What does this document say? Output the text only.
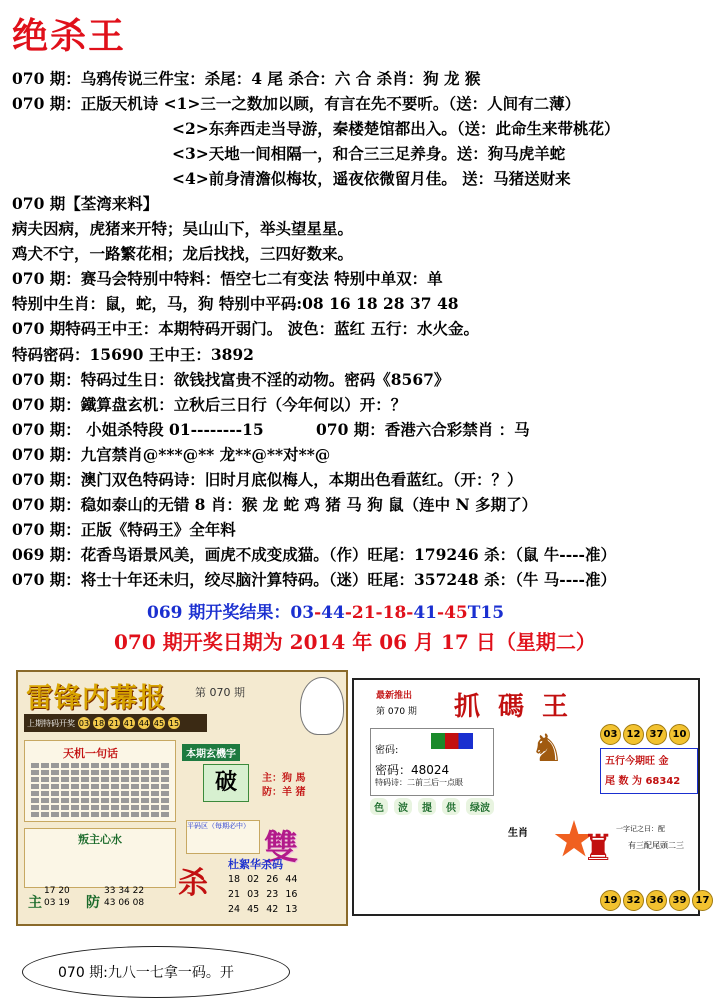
绝杀王
070 期：乌鸦传说三件宝：杀尾：4 尾 杀合：六 合 杀肖：狗 龙 猴
070 期：正版天机诗 <1>三一之数加以顾，有言在先不要听。（送：人间有二薄）
<2>东奔西走当导游，秦楼楚馆都出入。（送：此命生来带桃花）
<3>天地一间相隔一，和合三三足养身。送：狗马虎羊蛇
<4>前身清澹似梅妆，遥夜依微留月佳。 送：马猪送财来
070 期【荃湾来料】
病夫因病，虎猪来开特；吴山山下，举头望星星。
鸡犬不宁，一路繁花相；龙后找找，三四好数来。
070 期：赛马会特别中特料：悟空七二有变法 特别中单双：单
特别中生肖：鼠，蛇，马，狗 特别中平码:08 16 18 28 37 48
070 期特码王中王：本期特码开弱门。 波色：蓝红 五行：水火金。
特码密码：15690 王中王：3892
070 期：特码过生日：欲钱找富贵不淫的动物。密码《8567》
070 期：鐵算盘玄机：立秋后三日行（今年何以）开：？
070 期： 小姐杀特段 01--------15	070 期：香港六合彩禁肖 ：马
070 期：九宫禁肖@***@** 龙**@**对**@
070 期：澳门双色特码诗：旧时月底似梅人，本期出色看蓝红。（开：？）
070 期：稳如泰山的无错 8 肖：猴 龙 蛇 鸡 猪 马 狗 鼠（连中 N 多期了）
070 期：正版《特码王》全年料
069 期：花香鸟语景风美，画虎不成变成猫。（作）旺尾：179246 杀：（鼠 牛----准）
070 期：将士十年还未归，绞尽脑汁算特码。（迷）旺尾：357248 杀：（牛 马----准）
069 期开奖结果：03-44-21-18-41-45T15
070 期开奖日期为 2014 年 06 月 17 日（星期二）
雷锋内幕报	第 070 期
上期特码开奖 03 18 21 41 44 45 15
天机一句话	本期玄機字
破	主：狗 馬
防：羊 猪
平码区（每期必中）
雙
叛主心水
主
17 20
03 19 防
33 34 22
43 06 08
杀
杜絮华杀码
18 02 26 44
21 03 23 16
24 45 42 13
最新推出
第 070 期 抓碼王
密码:
密码：48024
特码诗：二前三后一点眼
♞	03 12 37 10
五行今期旺 金
尾 数 为 68342
色	波	提	供	绿波
生肖 ♜ 一字记之曰：配
有三配尾頭二三
19 32 36 39 17
070 期:九八一七拿一码。开
